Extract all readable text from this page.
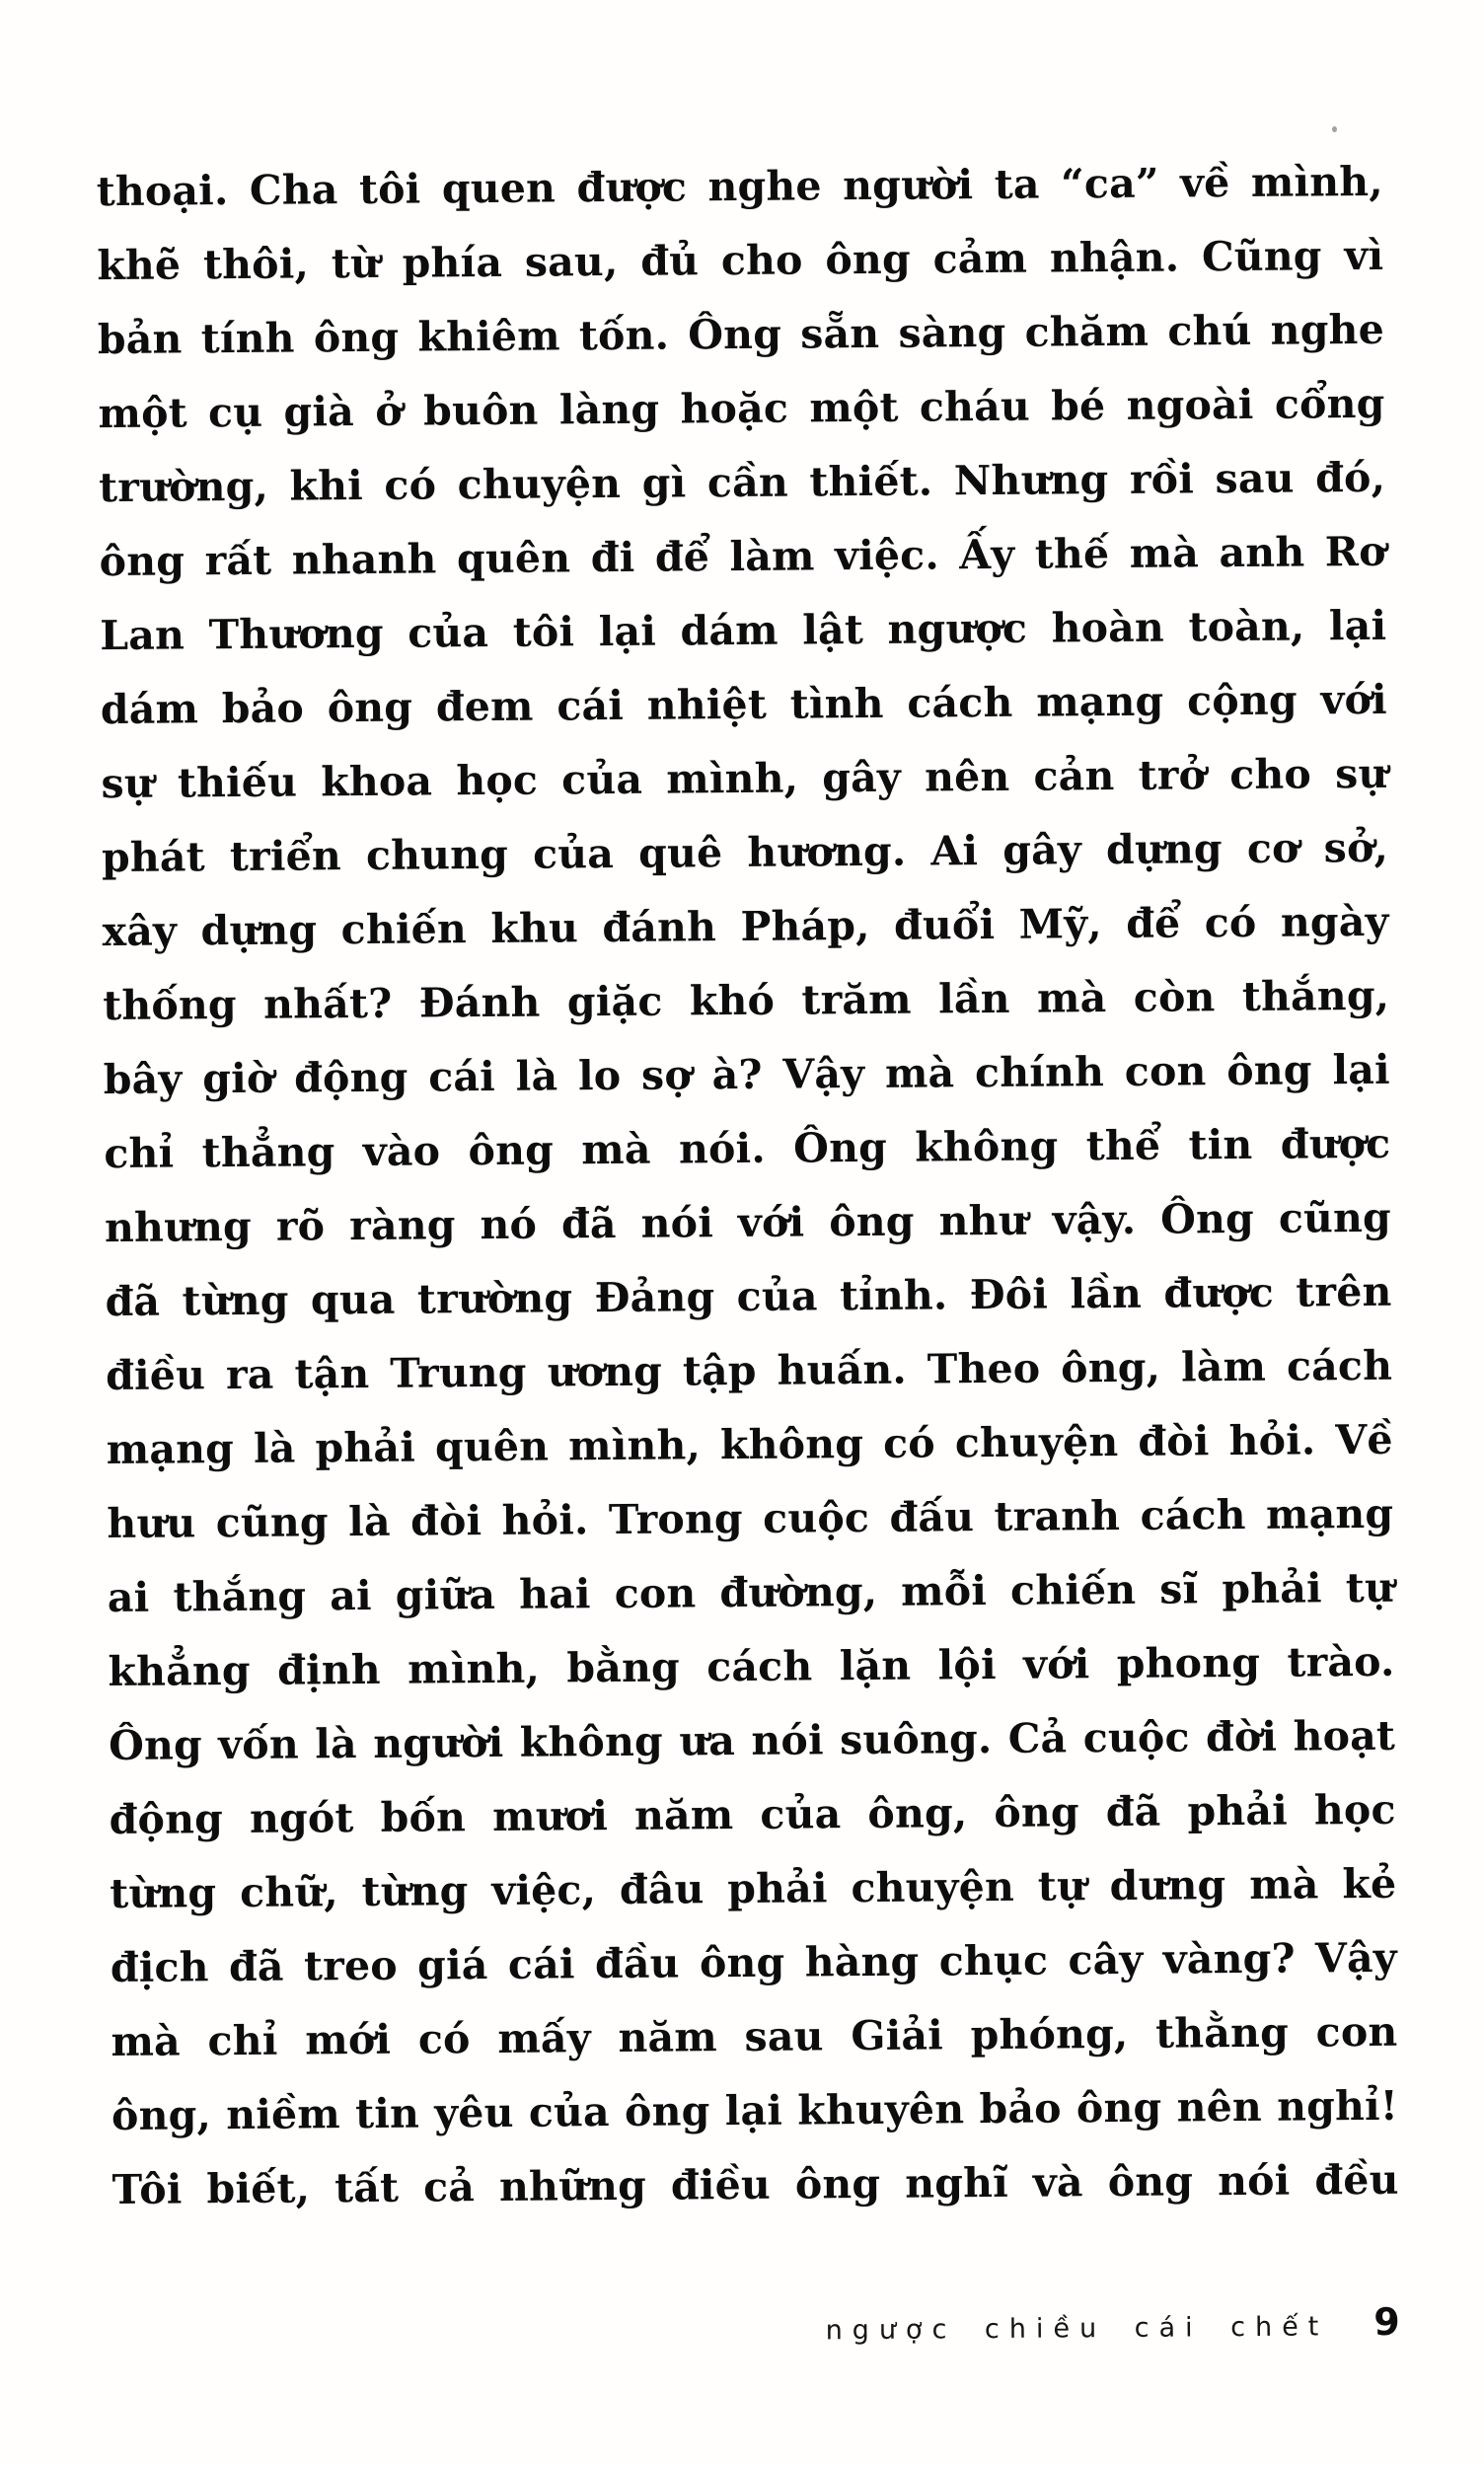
thoại. Cha tôi quen được nghe người ta “ca” về mình,
khẽ thôi, từ phía sau, đủ cho ông cảm nhận. Cũng vì
bản tính ông khiêm tốn. Ông sẵn sàng chăm chú nghe
một cụ già ở buôn làng hoặc một cháu bé ngoài cổng
trường, khi có chuyện gì cần thiết. Nhưng rồi sau đó,
ông rất nhanh quên đi để làm việc. Ấy thế mà anh Rơ
Lan Thương của tôi lại dám lật ngược hoàn toàn, lại
dám bảo ông đem cái nhiệt tình cách mạng cộng với
sự thiếu khoa học của mình, gây nên cản trở cho sự
phát triển chung của quê hương. Ai gây dựng cơ sở,
xây dựng chiến khu đánh Pháp, đuổi Mỹ, để có ngày
thống nhất? Đánh giặc khó trăm lần mà còn thắng,
bây giờ động cái là lo sợ à? Vậy mà chính con ông lại
chỉ thẳng vào ông mà nói. Ông không thể tin được
nhưng rõ ràng nó đã nói với ông như vậy. Ông cũng
đã từng qua trường Đảng của tỉnh. Đôi lần được trên
điều ra tận Trung ương tập huấn. Theo ông, làm cách
mạng là phải quên mình, không có chuyện đòi hỏi. Về
hưu cũng là đòi hỏi. Trong cuộc đấu tranh cách mạng
ai thắng ai giữa hai con đường, mỗi chiến sĩ phải tự
khẳng định mình, bằng cách lặn lội với phong trào.
Ông vốn là người không ưa nói suông. Cả cuộc đời hoạt
động ngót bốn mươi năm của ông, ông đã phải học
từng chữ, từng việc, đâu phải chuyện tự dưng mà kẻ
địch đã treo giá cái đầu ông hàng chục cây vàng? Vậy
mà chỉ mới có mấy năm sau Giải phóng, thằng con
ông, niềm tin yêu của ông lại khuyên bảo ông nên nghỉ!
Tôi biết, tất cả những điều ông nghĩ và ông nói đều
ngược chiều cái chết 9
